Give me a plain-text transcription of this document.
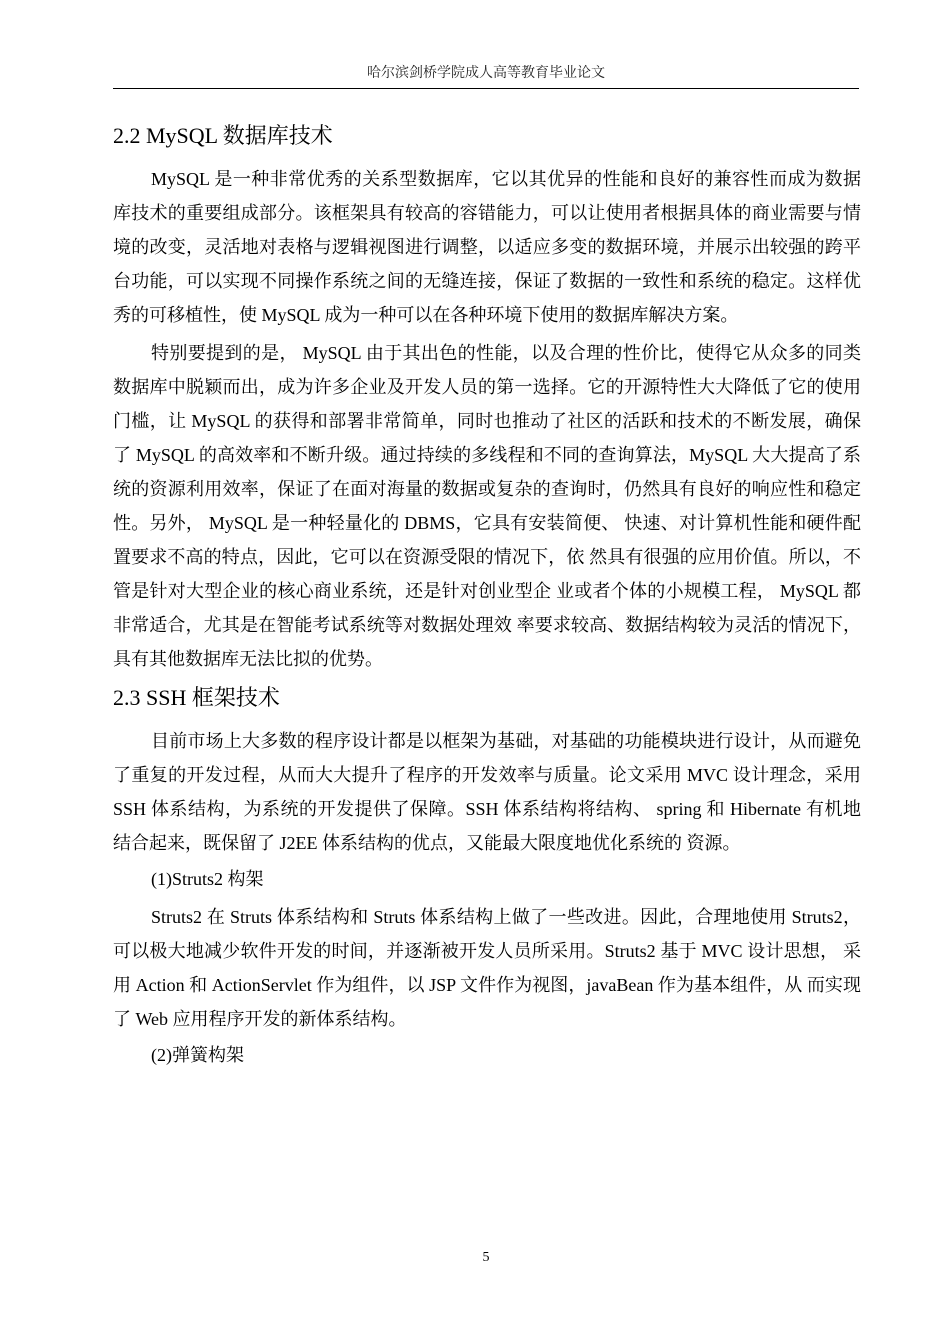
哈尔滨剑桥学院成人高等教育毕业论文
2.2 MySQL 数据库技术

MySQL 是一种非常优秀的关系型数据库，它以其优异的性能和良好的兼容性而成为数据库技术的重要组成部分。该框架具有较高的容错能力，可以让使用者根据具体的商业需要与情境的改变，灵活地对表格与逻辑视图进行调整，以适应多变的数据环境，并展示出较强的跨平台功能，可以实现不同操作系统之间的无缝连接，保证了数据的一致性和系统的稳定。这样优秀的可移植性，使 MySQL 成为一种可以在各种环境下使用的数据库解决方案。

特别要提到的是， MySQL 由于其出色的性能，以及合理的性价比，使得它从众多的同类数据库中脱颖而出，成为许多企业及开发人员的第一选择。它的开源特性大大降低了它的使用门槛，让 MySQL 的获得和部署非常简单，同时也推动了社区的活跃和技术的不断发展，确保了 MySQL 的高效率和不断升级。通过持续的多线程和不同的查询算法，MySQL 大大提高了系统的资源利用效率，保证了在面对海量的数据或复杂的查询时，仍然具有良好的响应性和稳定性。另外， MySQL 是一种轻量化的 DBMS，它具有安装简便、 快速、对计算机性能和硬件配置要求不高的特点，因此，它可以在资源受限的情况下，依 然具有很强的应用价值。所以，不管是针对大型企业的核心商业系统，还是针对创业型企 业或者个体的小规模工程， MySQL 都非常适合，尤其是在智能考试系统等对数据处理效 率要求较高、数据结构较为灵活的情况下，具有其他数据库无法比拟的优势。

2.3 SSH 框架技术

目前市场上大多数的程序设计都是以框架为基础，对基础的功能模块进行设计，从而避免了重复的开发过程，从而大大提升了程序的开发效率与质量。论文采用 MVC 设计理念，采用 SSH 体系结构，为系统的开发提供了保障。SSH 体系结构将结构、 spring 和 Hibernate 有机地结合起来，既保留了 J2EE 体系结构的优点，又能最大限度地优化系统的 资源。

(1)Struts2 构架

Struts2 在 Struts 体系结构和 Struts 体系结构上做了一些改进。因此，合理地使用 Struts2， 可以极大地减少软件开发的时间，并逐渐被开发人员所采用。Struts2 基于 MVC 设计思想， 采用 Action 和 ActionServlet 作为组件，以 JSP 文件作为视图，javaBean 作为基本组件，从 而实现了 Web 应用程序开发的新体系结构。

(2)弹簧构架

5
